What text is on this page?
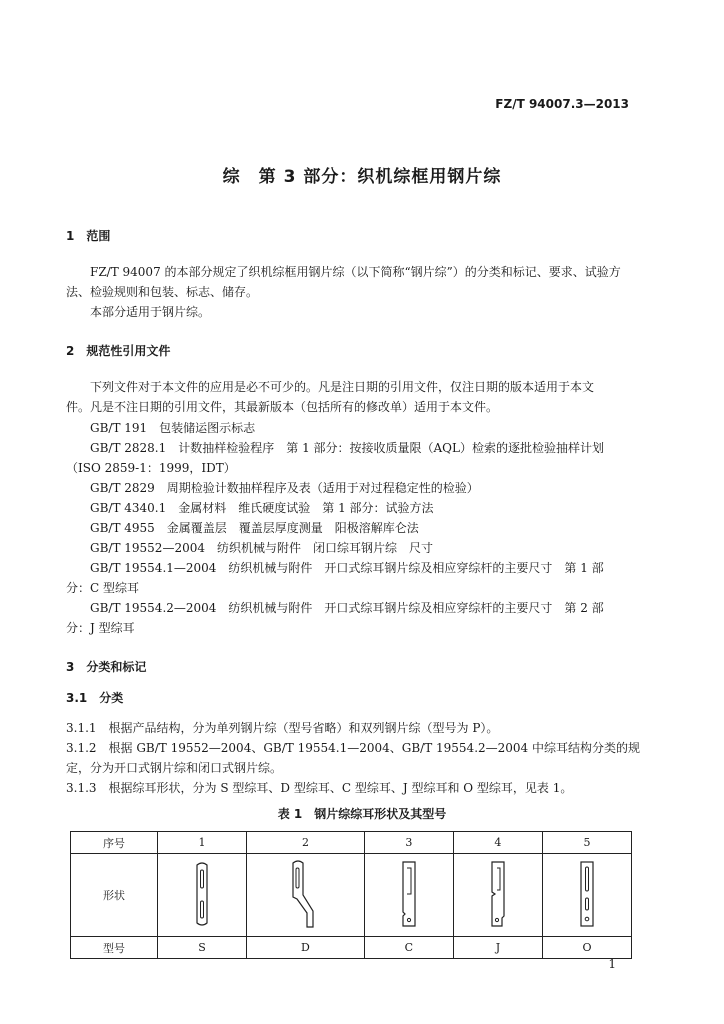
FZ/T 94007.3—2013
综　第 3 部分：织机综框用钢片综
1　范围
FZ/T 94007 的本部分规定了织机综框用钢片综（以下简称“钢片综”）的分类和标记、要求、试验方
法、检验规则和包装、标志、储存。
本部分适用于钢片综。
2　规范性引用文件
下列文件对于本文件的应用是必不可少的。凡是注日期的引用文件，仅注日期的版本适用于本文
件。凡是不注日期的引用文件，其最新版本（包括所有的修改单）适用于本文件。
GB/T 191　包装储运图示标志
GB/T 2828.1　计数抽样检验程序　第 1 部分：按接收质量限（AQL）检索的逐批检验抽样计划
（ISO 2859-1：1999，IDT）
GB/T 2829　周期检验计数抽样程序及表（适用于对过程稳定性的检验）
GB/T 4340.1　金属材料　维氏硬度试验　第 1 部分：试验方法
GB/T 4955　金属覆盖层　覆盖层厚度测量　阳极溶解库仑法
GB/T 19552—2004　纺织机械与附件　闭口综耳钢片综　尺寸
GB/T 19554.1—2004　纺织机械与附件　开口式综耳钢片综及相应穿综杆的主要尺寸　第 1 部
分：C 型综耳
GB/T 19554.2—2004　纺织机械与附件　开口式综耳钢片综及相应穿综杆的主要尺寸　第 2 部
分：J 型综耳
3　分类和标记
3.1　分类
3.1.1　根据产品结构，分为单列钢片综（型号省略）和双列钢片综（型号为 P）。
3.1.2　根据 GB/T 19552—2004、GB/T 19554.1—2004、GB/T 19554.2—2004 中综耳结构分类的规
定，分为开口式钢片综和闭口式钢片综。
3.1.3　根据综耳形状，分为 S 型综耳、D 型综耳、C 型综耳、J 型综耳和 O 型综耳，见表 1。
表 1　钢片综综耳形状及其型号
序号	1	2	3	4	5
形状	

型号	S	D	C	J	O
1
